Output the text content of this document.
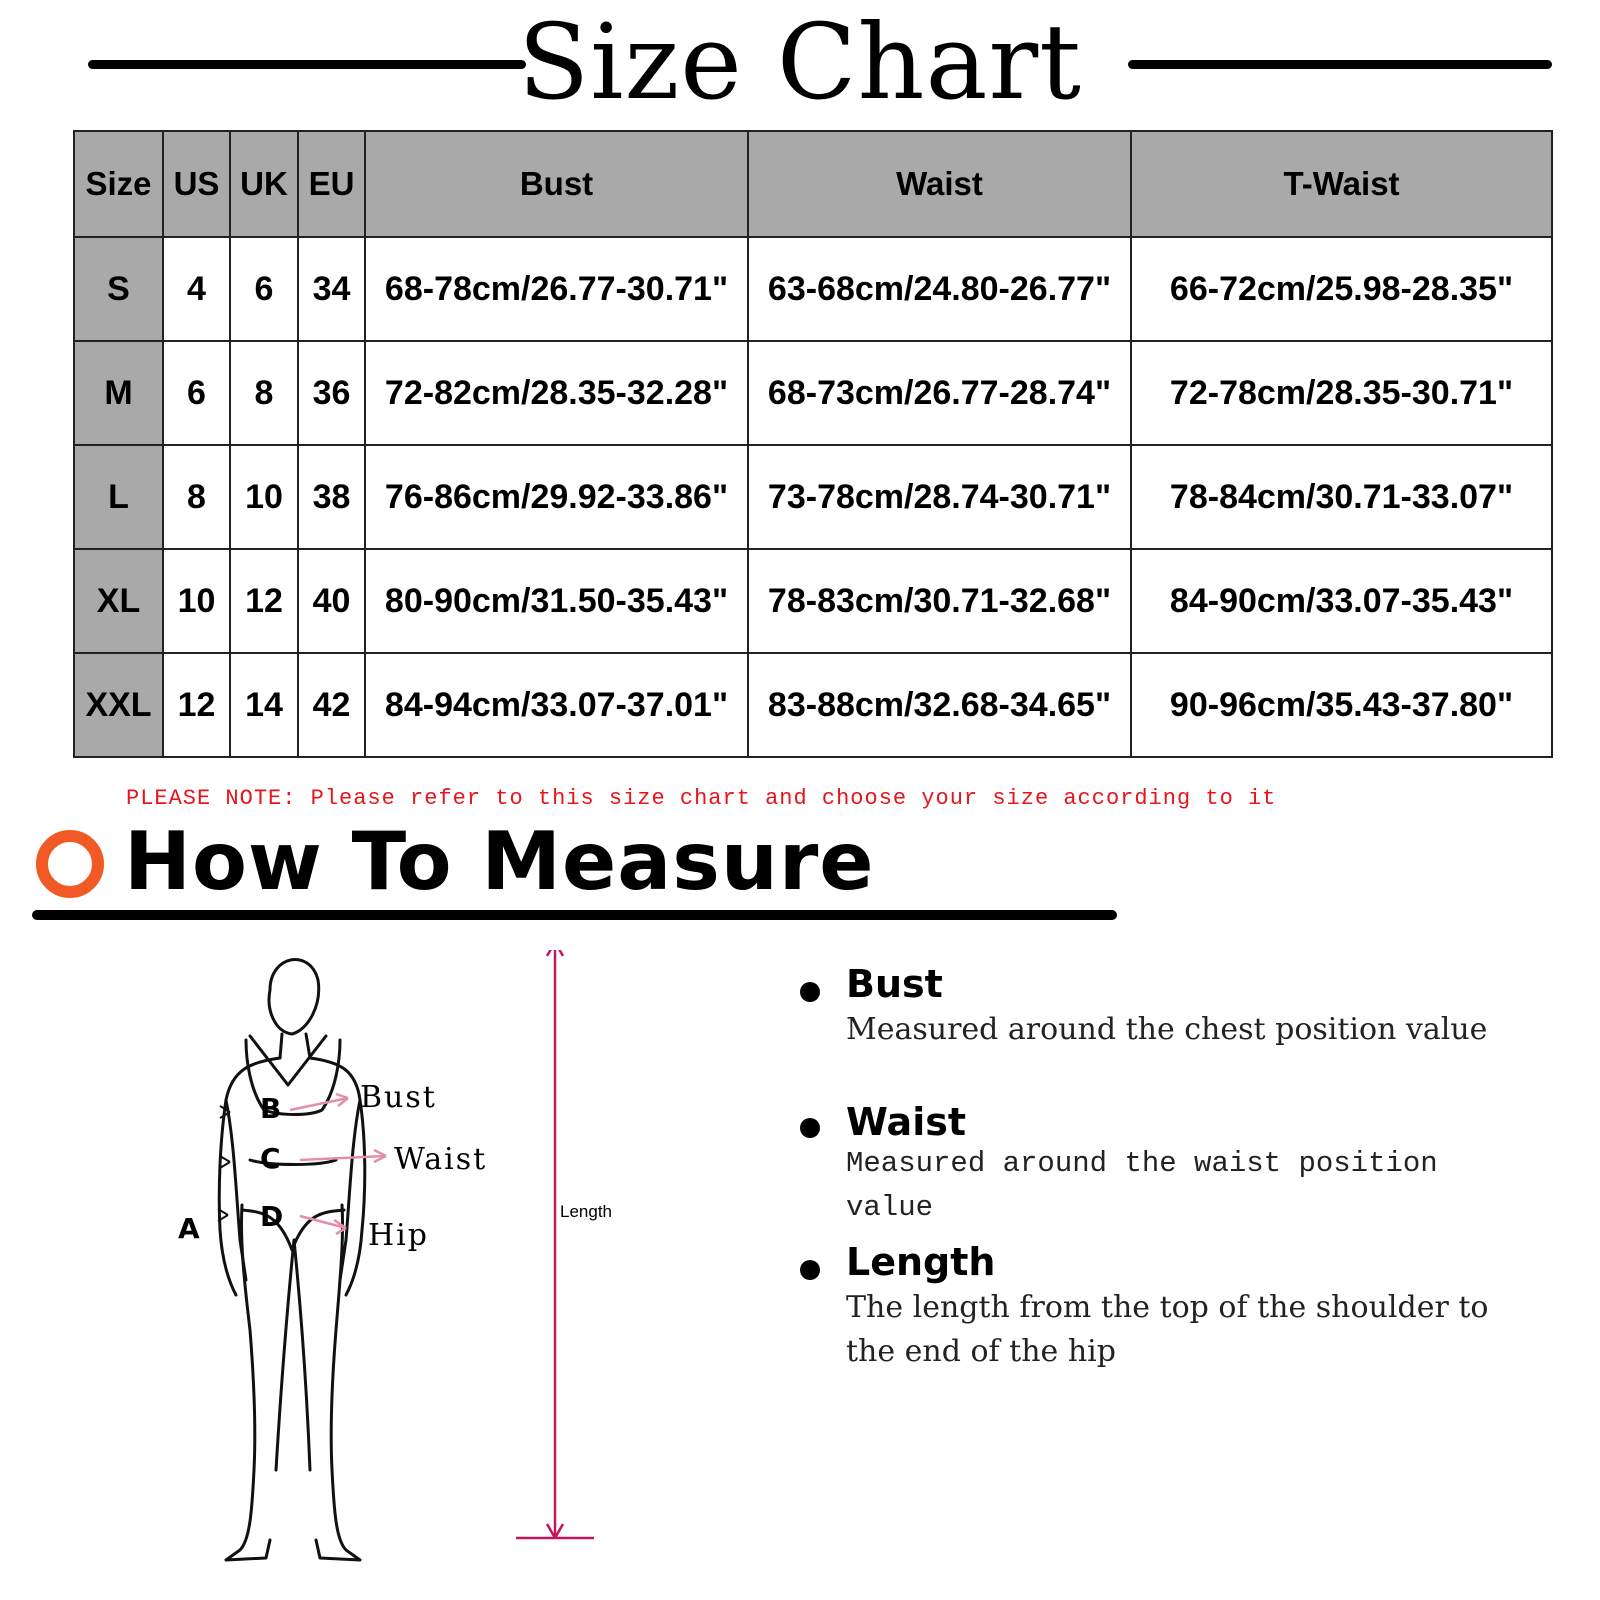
Size Chart
Size	US	UK	EU	Bust	Waist	T-Waist
S	4	6	34	68-78cm/26.77-30.71"	63-68cm/24.80-26.77"	66-72cm/25.98-28.35"
M	6	8	36	72-82cm/28.35-32.28"	68-73cm/26.77-28.74"	72-78cm/28.35-30.71"
L	8	10	38	76-86cm/29.92-33.86"	73-78cm/28.74-30.71"	78-84cm/30.71-33.07"
XL	10	12	40	80-90cm/31.50-35.43"	78-83cm/30.71-32.68"	84-90cm/33.07-35.43"
XXL	12	14	42	84-94cm/33.07-37.01"	83-88cm/32.68-34.65"	90-96cm/35.43-37.80"
PLEASE NOTE: Please refer to this size chart and choose your size according to it
How To Measure
B
C
D
A
Bust
Waist
Hip
Length
Bust
Measured around the chest position value
Waist
Measured around the waist position value
Length
The length from the top of the shoulder to the end of the hip
